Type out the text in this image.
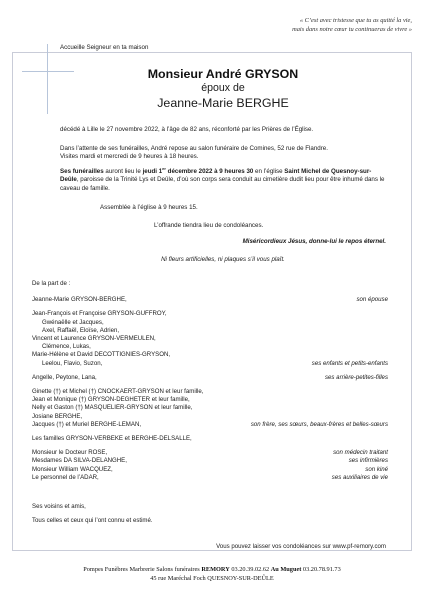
« C’est avec tristesse que tu as quitté la vie,
mais dans notre cœur tu continueras de vivre »
Accueille Seigneur en ta maison
Monsieur André GRYSON
époux de
Jeanne-Marie BERGHE
décédé à Lille le 27 novembre 2022, à l’âge de 82 ans, réconforté par les Prières de l’Église.
Dans l’attente de ses funérailles, André repose au salon funéraire de Comines, 52 rue de Flandre.
Visites mardi et mercredi de 9 heures à 18 heures.
Ses funérailles auront lieu le jeudi 1er décembre 2022 à 9 heures 30 en l’église Saint Michel de Quesnoy-sur-Deûle, paroisse de la Trinité Lys et Deûle, d’où son corps sera conduit au cimetière dudit lieu pour être inhumé dans le caveau de famille.
Assemblée à l’église à 9 heures 15.
L’offrande tiendra lieu de condoléances.
Miséricordieux Jésus, donne-lui le repos éternel.
Ni fleurs artificielles, ni plaques s’il vous plaît.
De la part de :
Jeanne-Marie GRYSON-BERGHE,	son épouse
Jean-François et Françoise GRYSON-GUFFROY,
Gwénaëlle et Jacques,
Axel, Raffaël, Eloïse, Adrien,
Vincent et Laurence GRYSON-VERMEULEN,
Clémence, Lukas,
Marie-Hélène et David DECOTTIGNIES-GRYSON,
Leelou, Flavio, Suzon,	ses enfants et petits-enfants
Angelle, Peytone, Lana,	ses arrière-petites-filles
Ginette (†) et Michel (†) CNOCKAERT-GRYSON et leur famille,
Jean et Monique (†) GRYSON-DEGHETER et leur famille,
Nelly et Gaston (†) MASQUELIER-GRYSON et leur famille,
Josiane BERGHE,
Jacques (†) et Muriel BERGHE-LEMAN,	son frère, ses sœurs, beaux-frères et belles-sœurs
Les familles GRYSON-VERBEKE et BERGHE-DELSALLE,
Monsieur le Docteur ROSE,	son médecin traitant
Mesdames DA SILVA-DELANGHE,	ses infirmières
Monsieur William WACQUEZ,	son kiné
Le personnel de l’ADAR,	ses auxiliaires de vie
Ses voisins et amis,
Tous celles et ceux qui l’ont connu et estimé.
Vous pouvez laisser vos condoléances sur www.pf-remory.com
Pompes Funèbres Marbrerie Salons funéraires REMORY 03.20.39.02.62 Au Muguet 03.20.78.91.73
45 rue Maréchal Foch QUESNOY-SUR-DEÛLE
